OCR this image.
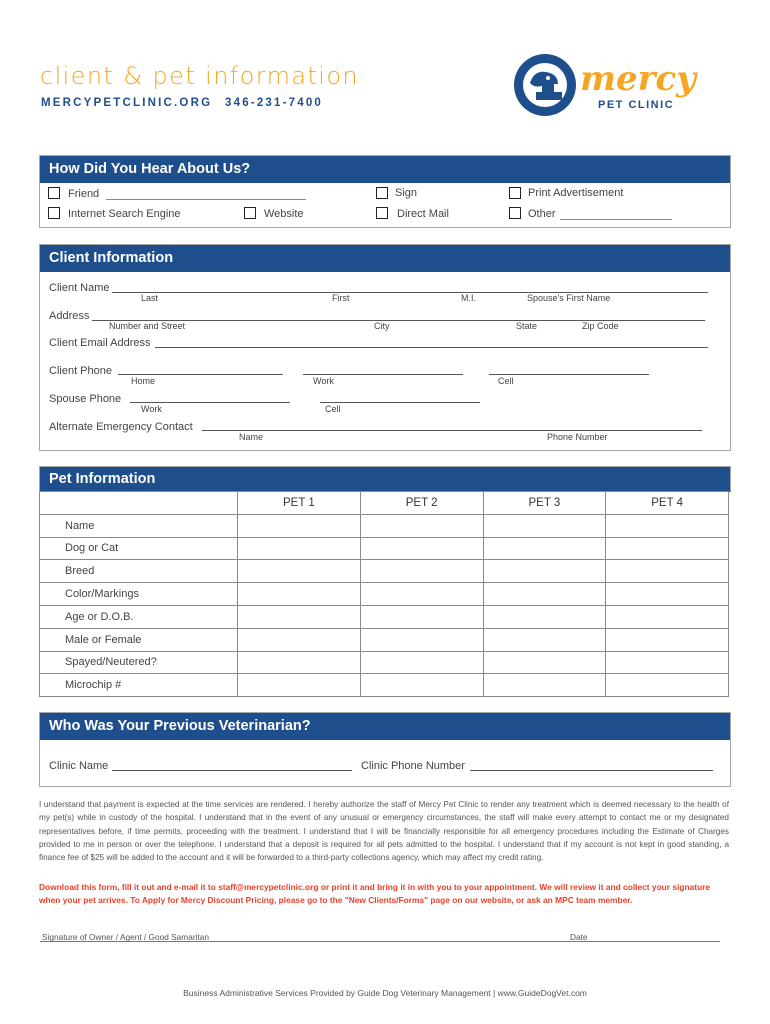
client & pet information
MERCYPETCLINIC.ORG 346-231-7400
mercy
PET CLINIC
How Did You Hear About Us?
Friend	Sign	Print Advertisement
Internet Search Engine	Website	Direct Mail	Other
Client Information
Client Name
Last	First	M.I.	Spouse's First Name
Address
Number and Street	City	State	Zip Code
Client Email Address
Client Phone
Home	Work	Cell
Spouse Phone
Work	Cell
Alternate Emergency Contact
Name	Phone Number
Pet Information
	PET 1	PET 2	PET 3	PET 4
Name				
Dog or Cat				
Breed				
Color/Markings				
Age or D.O.B.				
Male or Female				
Spayed/Neutered?				
Microchip #				
Who Was Your Previous Veterinarian?
Clinic Name	Clinic Phone Number
I understand that payment is expected at the time services are rendered. I hereby authorize the staff of Mercy Pet Clinic to render any treatment which is deemed necessary to the health of my pet(s) while in custody of the hospital. I understand that in the event of any unusual or emergency circumstances, the staff will make every attempt to contact me or my designated representatives before, if time permits, proceeding with the treatment. I understand that I will be financially responsible for all emergency procedures including the Estimate of Charges provided to me in person or over the telephone. I understand that a deposit is required for all pets admitted to the hospital. I understand that if my account is not kept in good standing, a finance fee of $25 will be added to the account and it will be forwarded to a third-party collections agency, which may affect my credit rating.
Download this form, fill it out and e-mail it to staff@mercypetclinic.org or print it and bring it in with you to your appointment. We will review it and collect your signature when your pet arrives. To Apply for Mercy Discount Pricing, please go to the "New Clients/Forms" page on our website, or ask an MPC team member.
Signature of Owner / Agent / Good Samaritan	Date
Business Administrative Services Provided by Guide Dog Veterinary Management | www.GuideDogVet.com
